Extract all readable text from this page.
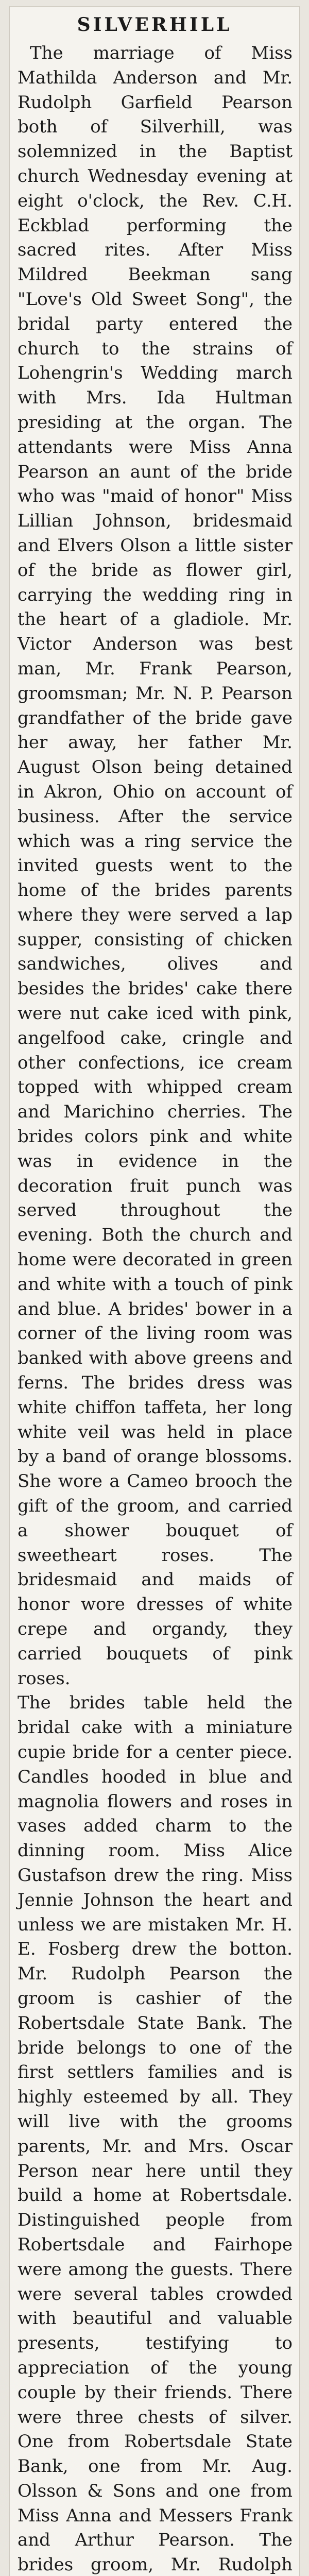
SILVERHILL

The marriage of Miss Mathilda Anderson and Mr. Rudolph Garfield Pearson both of Silverhill, was solemnized in the Baptist church Wednesday evening at eight o'clock, the Rev. C.H. Eckblad performing the sacred rites. After Miss Mildred Beekman sang "Love's Old Sweet Song", the bridal party entered the church to the strains of Lohengrin's Wedding march with Mrs. Ida Hultman presiding at the organ. The attendants were Miss Anna Pearson an aunt of the bride who was "maid of honor" Miss Lillian Johnson, bridesmaid and Elvers Olson a little sister of the bride as flower girl, carrying the wedding ring in the heart of a gladiole. Mr. Victor Anderson was best man, Mr. Frank Pearson, groomsman; Mr. N. P. Pearson grandfather of the bride gave her away, her father Mr. August Olson being detained in Akron, Ohio on account of business. After the service which was a ring service the invited guests went to the home of the brides parents where they were served a lap supper, consisting of chicken sandwiches, olives and besides the brides' cake there were nut cake iced with pink, angelfood cake, cringle and other confections, ice cream topped with whipped cream and Marichino cherries. The brides colors pink and white was in evidence in the decoration fruit punch was served throughout the evening. Both the church and home were decorated in green and white with a touch of pink and blue. A brides' bower in a corner of the living room was banked with above greens and ferns. The brides dress was white chiffon taffeta, her long white veil was held in place by a band of orange blossoms. She wore a Cameo brooch the gift of the groom, and carried a shower bouquet of sweetheart roses. The bridesmaid and maids of honor wore dresses of white crepe and organdy, they carried bouquets of pink roses.

The brides table held the bridal cake with a miniature cupie bride for a center piece. Candles hooded in blue and magnolia flowers and roses in vases added charm to the dinning room. Miss Alice Gustafson drew the ring. Miss Jennie Johnson the heart and unless we are mistaken Mr. H. E. Fosberg drew the botton. Mr. Rudolph Pearson the groom is cashier of the Robertsdale State Bank. The bride belongs to one of the first settlers families and is highly esteemed by all. They will live with the grooms parents, Mr. and Mrs. Oscar Person near here until they build a home at Robertsdale. Distinguished people from Robertsdale and Fairhope were among the guests. There were several tables crowded with beautiful and valuable presents, testifying to appreciation of the young couple by their friends. There were three chests of silver. One from Robertsdale State Bank, one from Mr. Aug. Olsson & Sons and one from Miss Anna and Messers Frank and Arthur Pearson. The brides groom, Mr. Rudolph
